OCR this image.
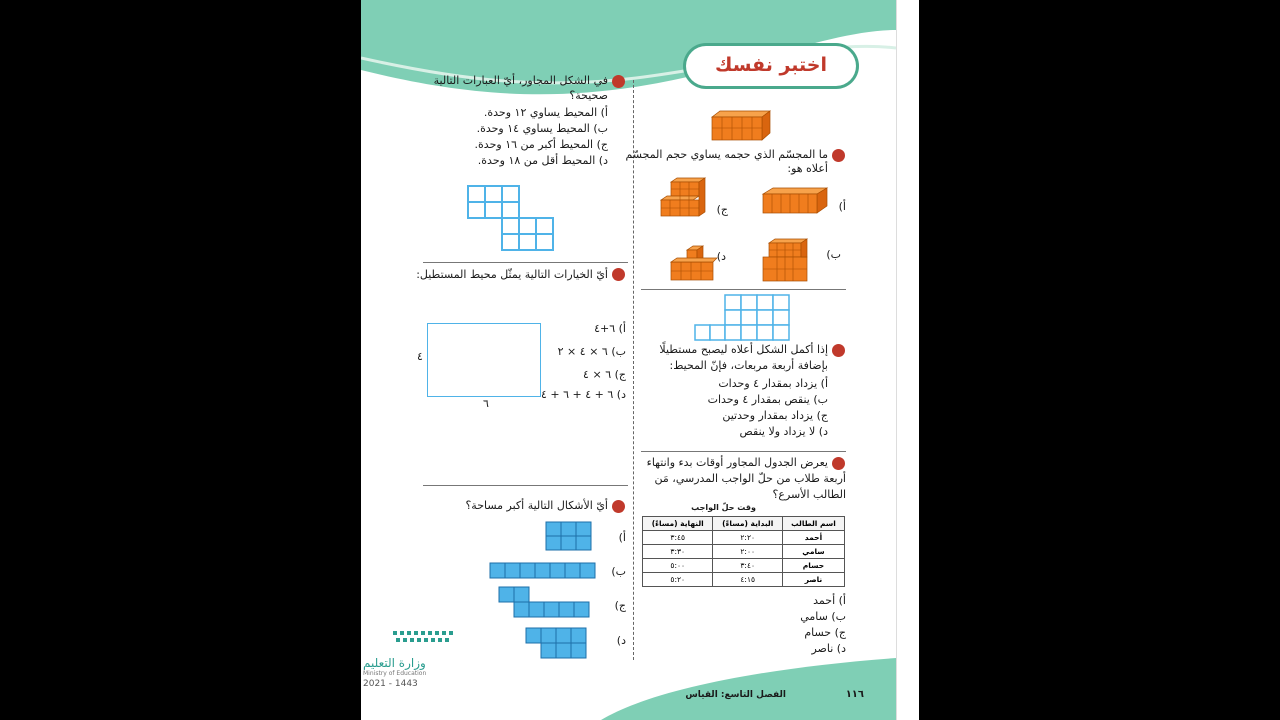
اختبر نفسك
في الشكل المجاور، أيّ العبارات التالية
صحيحة؟
أ) المحيط يساوي ١٢ وحدة.
ب) المحيط يساوي ١٤ وحدة.
ج) المحيط أكبر من ١٦ وحدة.
د) المحيط أقل من ١٨ وحدة.
أيّ الخيارات التالية يمثّل محيط المستطيل:
٤
٦
أ) ٦+٤
ب) ٦ × ٤ × ٢
ج) ٦ × ٤
د) ٦ + ٤ + ٦ + ٤
أيّ الأشكال التالية أكبر مساحة؟
أ)
ب)
ج)
د)
وزارة التعليم
Ministry of Education
2021 - 1443
ما المجسّم الذي حجمه يساوي حجم المجسّم
أعلاه هو:
أ)
ج)
ب)
د)
إذا أكمل الشكل أعلاه ليصبح مستطيلًا
بإضافة أربعة مربعات، فإنّ المحيط:
أ) يزداد بمقدار ٤ وحدات
ب) ينقص بمقدار ٤ وحدات
ج) يزداد بمقدار وحدتين
د) لا يزداد ولا ينقص
يعرض الجدول المجاور أوقات بدء وانتهاء
أربعة طلاب من حلّ الواجب المدرسي، مَن
الطالب الأسرع؟
وقت حلّ الواجب
اسم الطالب	البداية (مساءً)	النهاية (مساءً)
أحمد	٢:٢٠	٣:٤٥
سامي	٢:٠٠	٣:٣٠
حسام	٣:٤٠	٥:٠٠
ناصر	٤:١٥	٥:٢٠
أ) أحمد
ب) سامي
ج) حسام
د) ناصر
الفصل التاسع: القياس	١١٦
